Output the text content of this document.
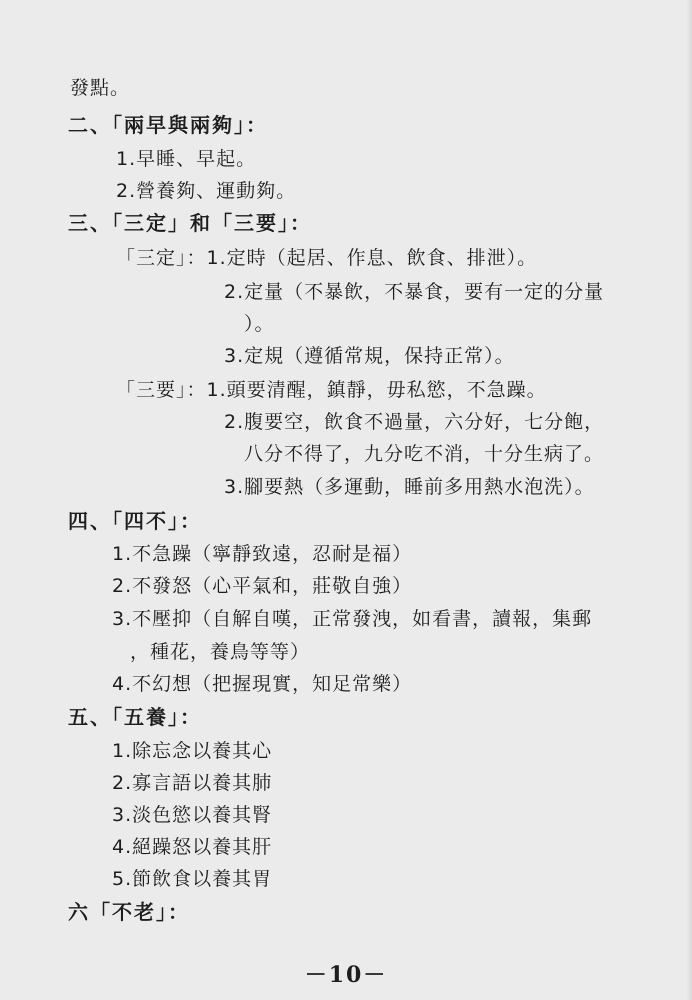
發點。
二、「兩早與兩夠」：
1.早睡、早起。
2.營養夠、運動夠。
三、「三定」和「三要」：
「三定」：1.定時（起居、作息、飲食、排泄）。
2.定量（不暴飲，不暴食，要有一定的分量
）。
3.定規（遵循常規，保持正常）。
「三要」：1.頭要清醒，鎮靜，毋私慾，不急躁。
2.腹要空，飲食不過量，六分好，七分飽，
八分不得了，九分吃不消，十分生病了。
3.腳要熱（多運動，睡前多用熱水泡洗）。
四、「四不」：
1.不急躁（寧靜致遠，忍耐是福）
2.不發怒（心平氣和，莊敬自強）
3.不壓抑（自解自嘆，正常發洩，如看書，讀報，集郵
，種花，養鳥等等）
4.不幻想（把握現實，知足常樂）
五、「五養」：
1.除忘念以養其心
2.寡言語以養其肺
3.淡色慾以養其腎
4.絕躁怒以養其肝
5.節飲食以養其胃
六「不老」：
－10－
